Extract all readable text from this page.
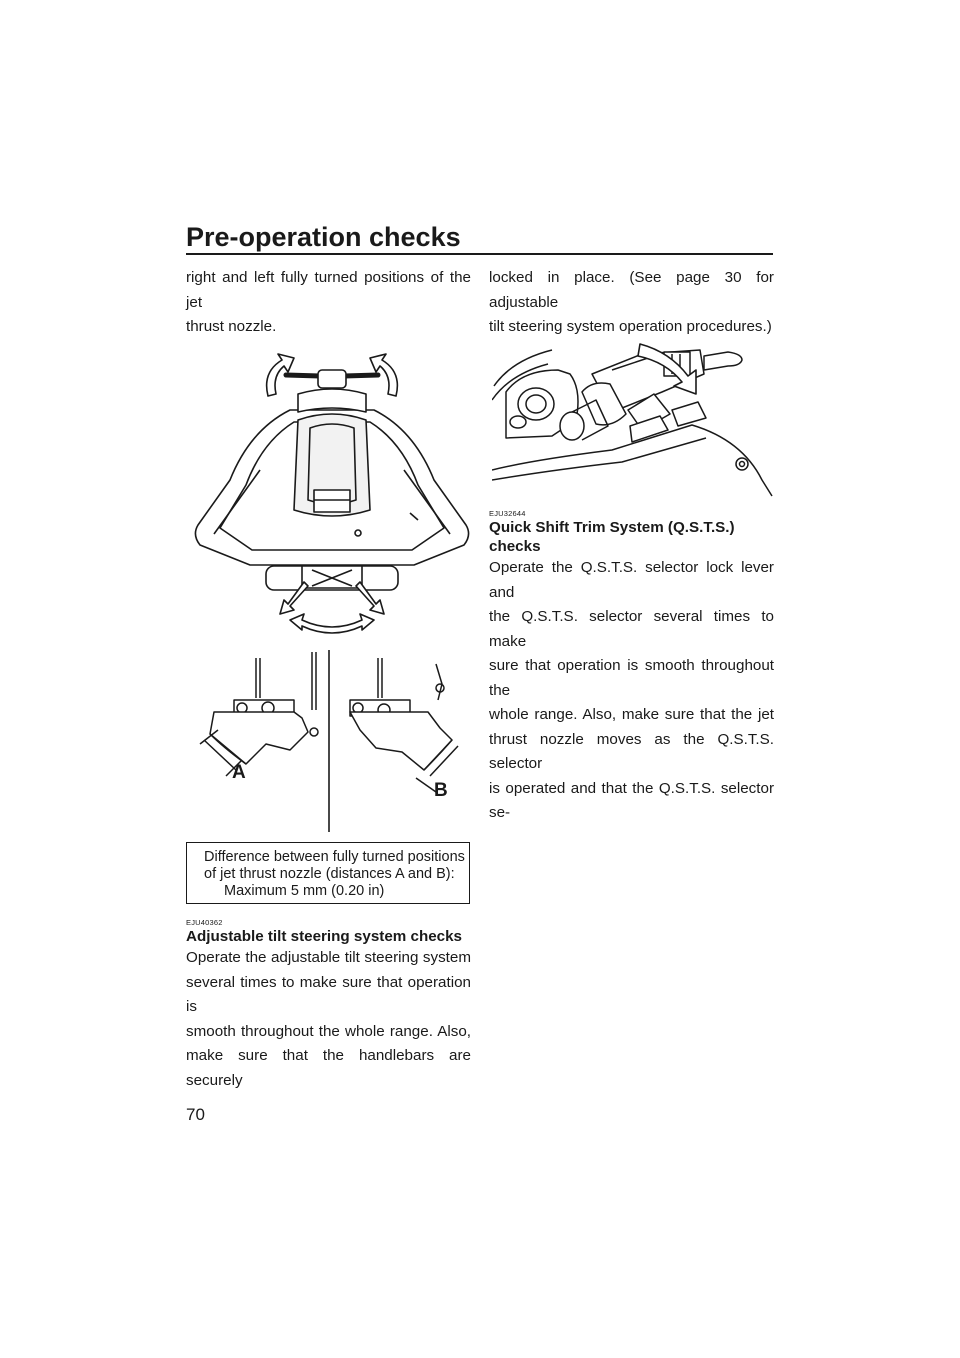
Pre-operation checks

right and left fully turned positions of the jet

thrust nozzle.

A
B
Difference between fully turned positions
of jet thrust nozzle (distances A and B):
Maximum 5 mm (0.20 in)

EJU40362

Adjustable tilt steering system checks

Operate the adjustable tilt steering system

several times to make sure that operation is

smooth throughout the whole range. Also,

make sure that the handlebars are securely

locked in place. (See page 30 for adjustable

tilt steering system operation procedures.)

EJU32644

Quick Shift Trim System (Q.S.T.S.) checks

Operate the Q.S.T.S. selector lock lever and

the Q.S.T.S. selector several times to make

sure that operation is smooth throughout the

whole range. Also, make sure that the jet

thrust nozzle moves as the Q.S.T.S. selector

is operated and that the Q.S.T.S. selector se-

70
